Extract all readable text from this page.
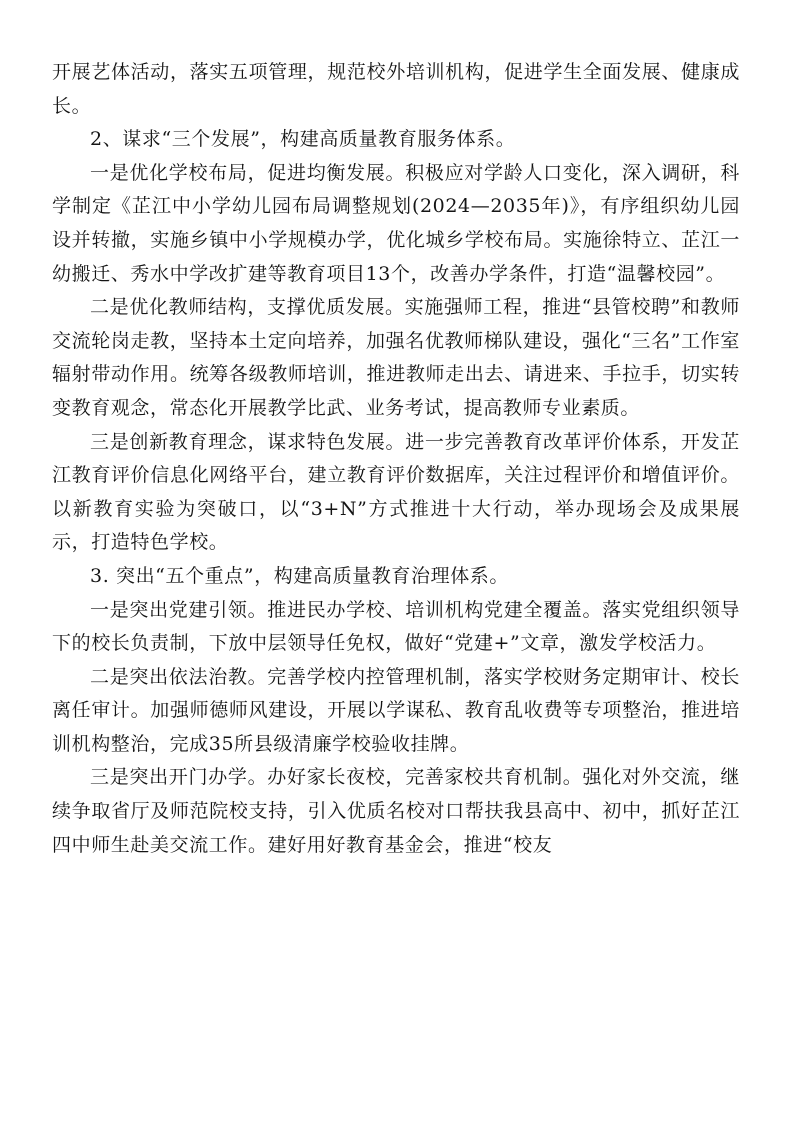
开展艺体活动，落实五项管理，规范校外培训机构，促进学生全面发展、健康成长。

2、谋求“三个发展”，构建高质量教育服务体系。

一是优化学校布局，促进均衡发展。积极应对学龄人口变化，深入调研，科学制定《芷江中小学幼儿园布局调整规划(2024—2035年)》，有序组织幼儿园设并转撤，实施乡镇中小学规模办学，优化城乡学校布局。实施徐特立、芷江一幼搬迁、秀水中学改扩建等教育项目13个，改善办学条件，打造“温馨校园”。

二是优化教师结构，支撑优质发展。实施强师工程，推进“县管校聘”和教师交流轮岗走教，坚持本土定向培养，加强名优教师梯队建设，强化“三名”工作室辐射带动作用。统筹各级教师培训，推进教师走出去、请进来、手拉手，切实转变教育观念，常态化开展教学比武、业务考试，提高教师专业素质。

三是创新教育理念，谋求特色发展。进一步完善教育改革评价体系，开发芷江教育评价信息化网络平台，建立教育评价数据库，关注过程评价和增值评价。以新教育实验为突破口，以“3+N”方式推进十大行动，举办现场会及成果展示，打造特色学校。

3. 突出“五个重点”，构建高质量教育治理体系。

一是突出党建引领。推进民办学校、培训机构党建全覆盖。落实党组织领导下的校长负责制，下放中层领导任免权，做好“党建+”文章，激发学校活力。

二是突出依法治教。完善学校内控管理机制，落实学校财务定期审计、校长离任审计。加强师德师风建设，开展以学谋私、教育乱收费等专项整治，推进培训机构整治，完成35所县级清廉学校验收挂牌。

三是突出开门办学。办好家长夜校，完善家校共育机制。强化对外交流，继续争取省厅及师范院校支持，引入优质名校对口帮扶我县高中、初中，抓好芷江四中师生赴美交流工作。建好用好教育基金会，推进“校友
